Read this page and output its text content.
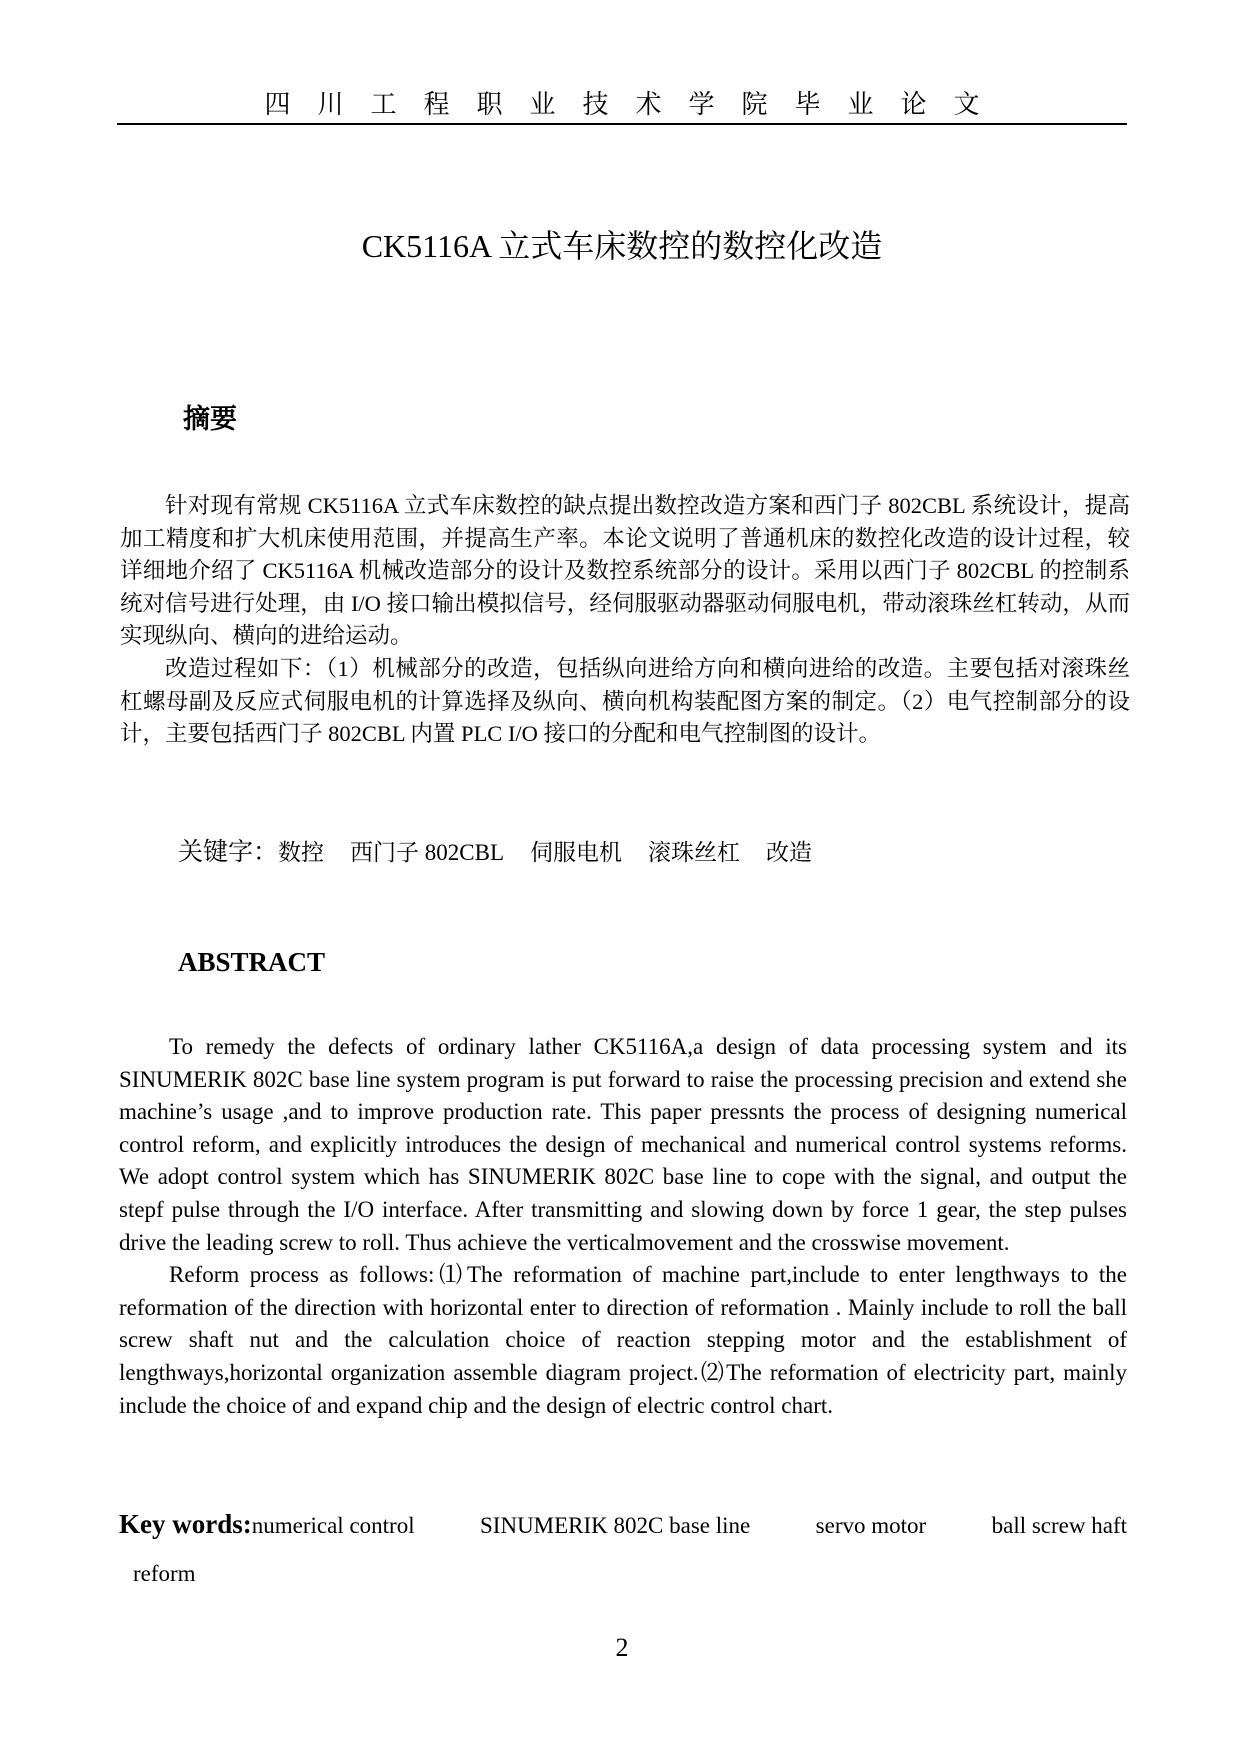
四川工程职业技术学院毕业论文
CK5116A 立式车床数控的数控化改造
摘要

针对现有常规 CK5116A 立式车床数控的缺点提出数控改造方案和西门子 802CBL 系统设计，提高加工精度和扩大机床使用范围，并提高生产率。本论文说明了普通机床的数控化改造的设计过程，较详细地介绍了 CK5116A 机械改造部分的设计及数控系统部分的设计。采用以西门子 802CBL 的控制系统对信号进行处理，由 I/O 接口输出模拟信号，经伺服驱动器驱动伺服电机，带动滚珠丝杠转动，从而实现纵向、横向的进给运动。

改造过程如下：（1）机械部分的改造，包括纵向进给方向和横向进给的改造。主要包括对滚珠丝杠螺母副及反应式伺服电机的计算选择及纵向、横向机构装配图方案的制定。（2）电气控制部分的设计，主要包括西门子 802CBL 内置 PLC I/O 接口的分配和电气控制图的设计。

关键字：数控 西门子 802CBL 伺服电机 滚珠丝杠 改造
ABSTRACT

To remedy the defects of ordinary lather CK5116A,a design of data processing system and its SINUMERIK 802C base line system program is put forward to raise the processing precision and extend she machine’s usage ,and to improve production rate. This paper pressnts the process of designing numerical control reform, and explicitly introduces the design of mechanical and numerical control systems reforms. We adopt control system which has SINUMERIK 802C base line to cope with the signal, and output the stepf pulse through the I/O interface. After transmitting and slowing down by force 1 gear, the step pulses drive the leading screw to roll. Thus achieve the verticalmovement and the crosswise movement.

Reform process as follows:⑴The reformation of machine part,include to enter lengthways to the reformation of the direction with horizontal enter to direction of reformation . Mainly include to roll the ball screw shaft nut and the calculation choice of reaction stepping motor and the establishment of lengthways,horizontal organization assemble diagram project.⑵The reformation of electricity part, mainly include the choice of and expand chip and the design of electric control chart.

Key words:numerical control	SINUMERIK 802C base line	servo motor	ball screw haft
reform
2
